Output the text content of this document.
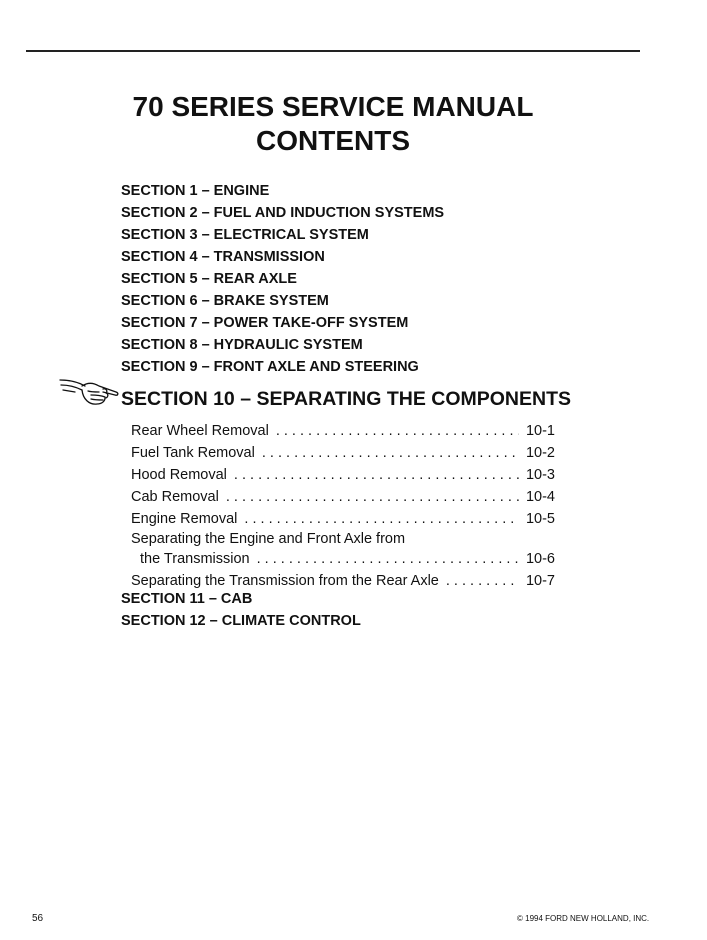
70 SERIES SERVICE MANUAL
CONTENTS
SECTION 1 – ENGINE
SECTION 2 – FUEL AND INDUCTION SYSTEMS
SECTION 3 – ELECTRICAL SYSTEM
SECTION 4 – TRANSMISSION
SECTION 5 – REAR AXLE
SECTION 6 – BRAKE SYSTEM
SECTION 7 – POWER TAKE-OFF SYSTEM
SECTION 8 – HYDRAULIC SYSTEM
SECTION 9 – FRONT AXLE AND STEERING
SECTION 10 – SEPARATING THE COMPONENTS
Rear Wheel Removal . . .	10-1
Fuel Tank Removal . . .	10-2
Hood Removal . . .	10-3
Cab Removal . . .	10-4
Engine Removal . . .	10-5
Separating the Engine and Front Axle from
the Transmission . . .	10-6
Separating the Transmission from the Rear Axle . . .	10-7
SECTION 11 – CAB
SECTION 12 – CLIMATE CONTROL
56	© 1994 FORD NEW HOLLAND, INC.
